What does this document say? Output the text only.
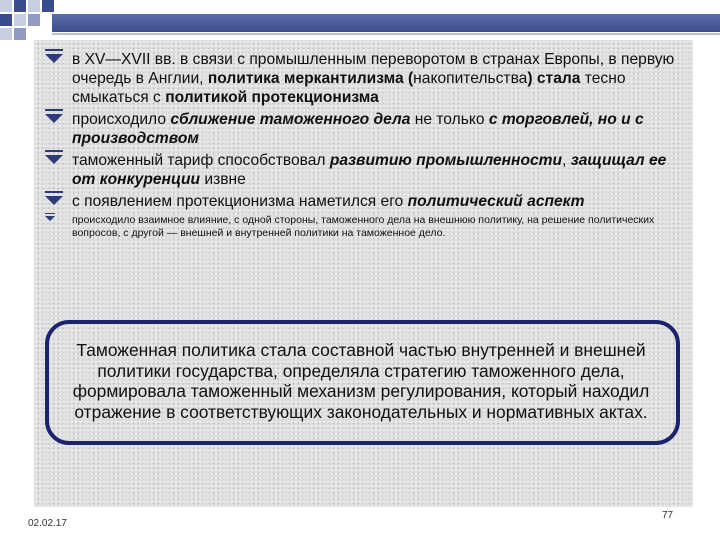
в XV—XVII вв. в связи с промышленным переворотом в странах Европы, в первую очередь в Англии, политика меркантилизма (накопительства) стала тесно смыкаться с политикой протекционизма
происходило сближение таможенного дела не только с торговлей, но и с производством
таможенный тариф способствовал развитию промышленности, защищал ее от конкуренции извне
с появлением протекционизма наметился его политический аспект
происходило взаимное влияние, с одной стороны, таможенного дела на внешнюю политику, на решение политических вопросов, с другой — внешней и внутренней политики на таможенное дело.
Таможенная политика стала составной частью внутренней и внешней политики государства, определяла стратегию таможенного дела, формировала таможенный механизм регулирования, который находил отражение в соответствующих законодательных и нормативных актах.
02.02.17
77
